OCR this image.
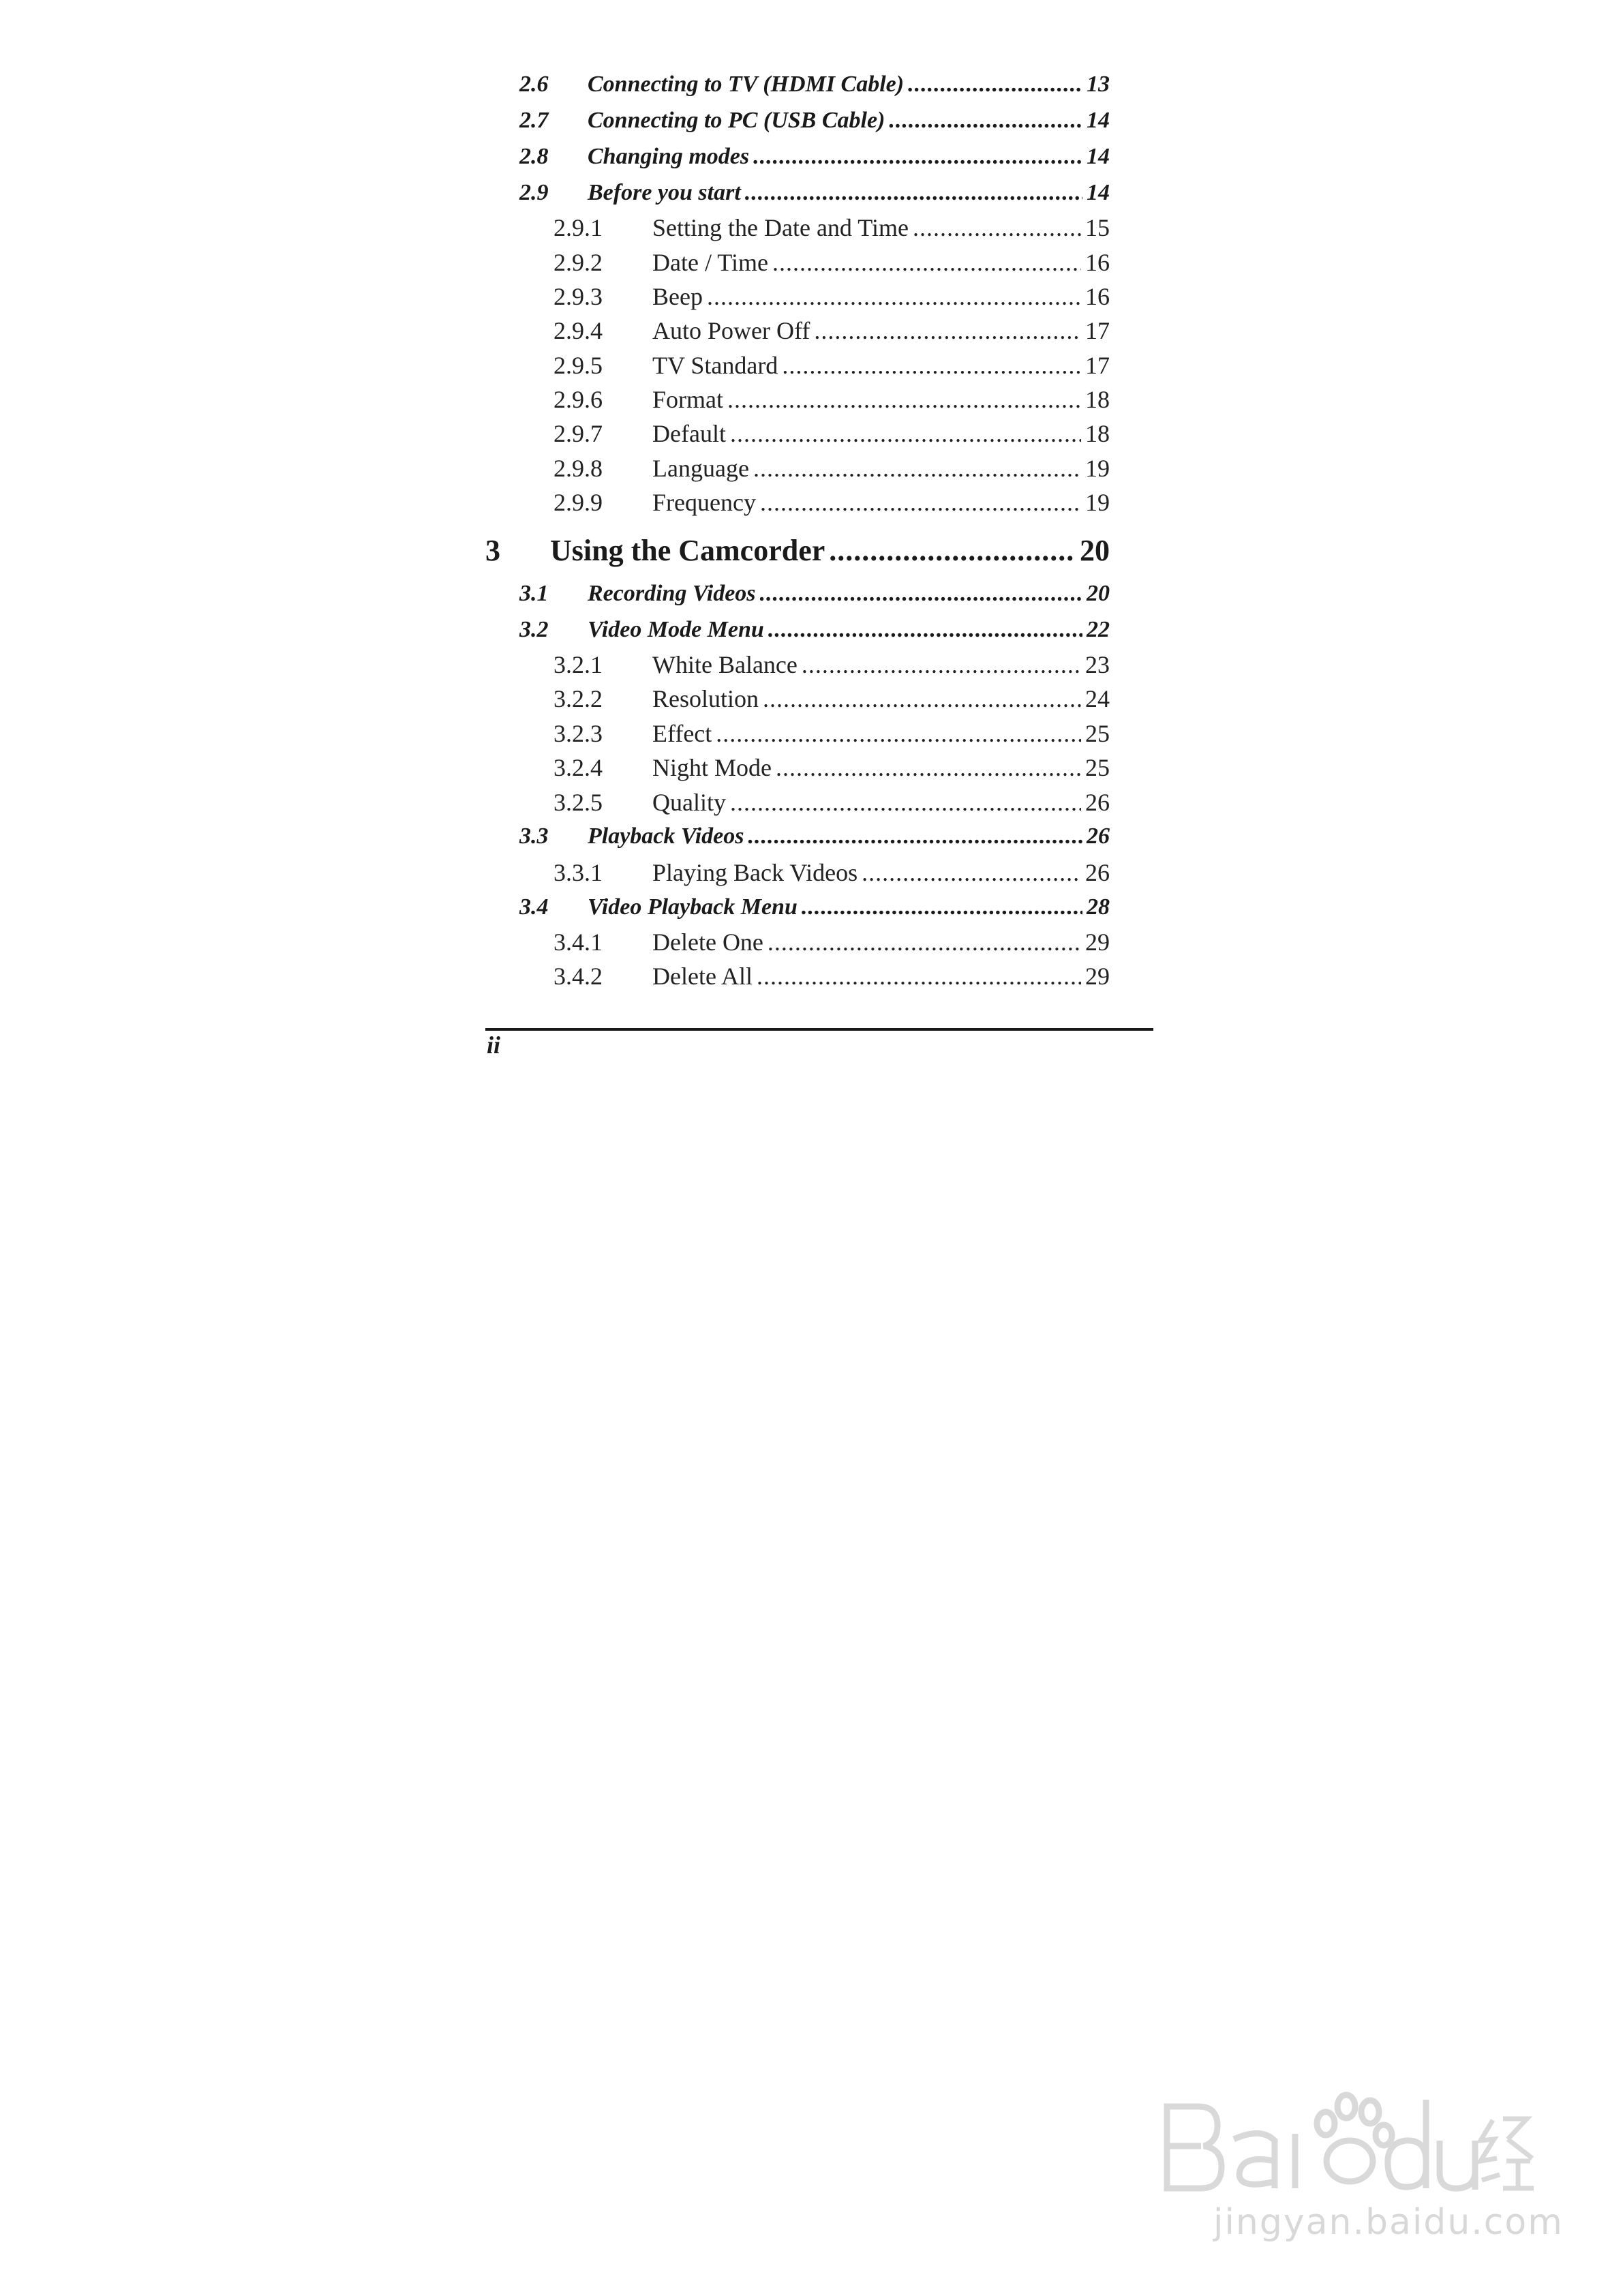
2.6	Connecting to TV (HDMI Cable) .....	13
2.7	Connecting to PC (USB Cable) .....	14
2.8	Changing modes .....	14
2.9	Before you start .....	14
2.9.1	Setting the Date and Time .....	15
2.9.2	Date / Time .....	16
2.9.3	Beep .....	16
2.9.4	Auto Power Off .....	17
2.9.5	TV Standard .....	17
2.9.6	Format .....	18
2.9.7	Default .....	18
2.9.8	Language .....	19
2.9.9	Frequency .....	19
3	Using the Camcorder .....	20
3.1	Recording Videos .....	20
3.2	Video Mode Menu .....	22
3.2.1	White Balance .....	23
3.2.2	Resolution .....	24
3.2.3	Effect .....	25
3.2.4	Night Mode .....	25
3.2.5	Quality .....	26
3.3	Playback Videos .....	26
3.3.1	Playing Back Videos .....	26
3.4	Video Playback Menu .....	28
3.4.1	Delete One .....	29
3.4.2	Delete All .....	29
ii
jingyan.baidu.com
